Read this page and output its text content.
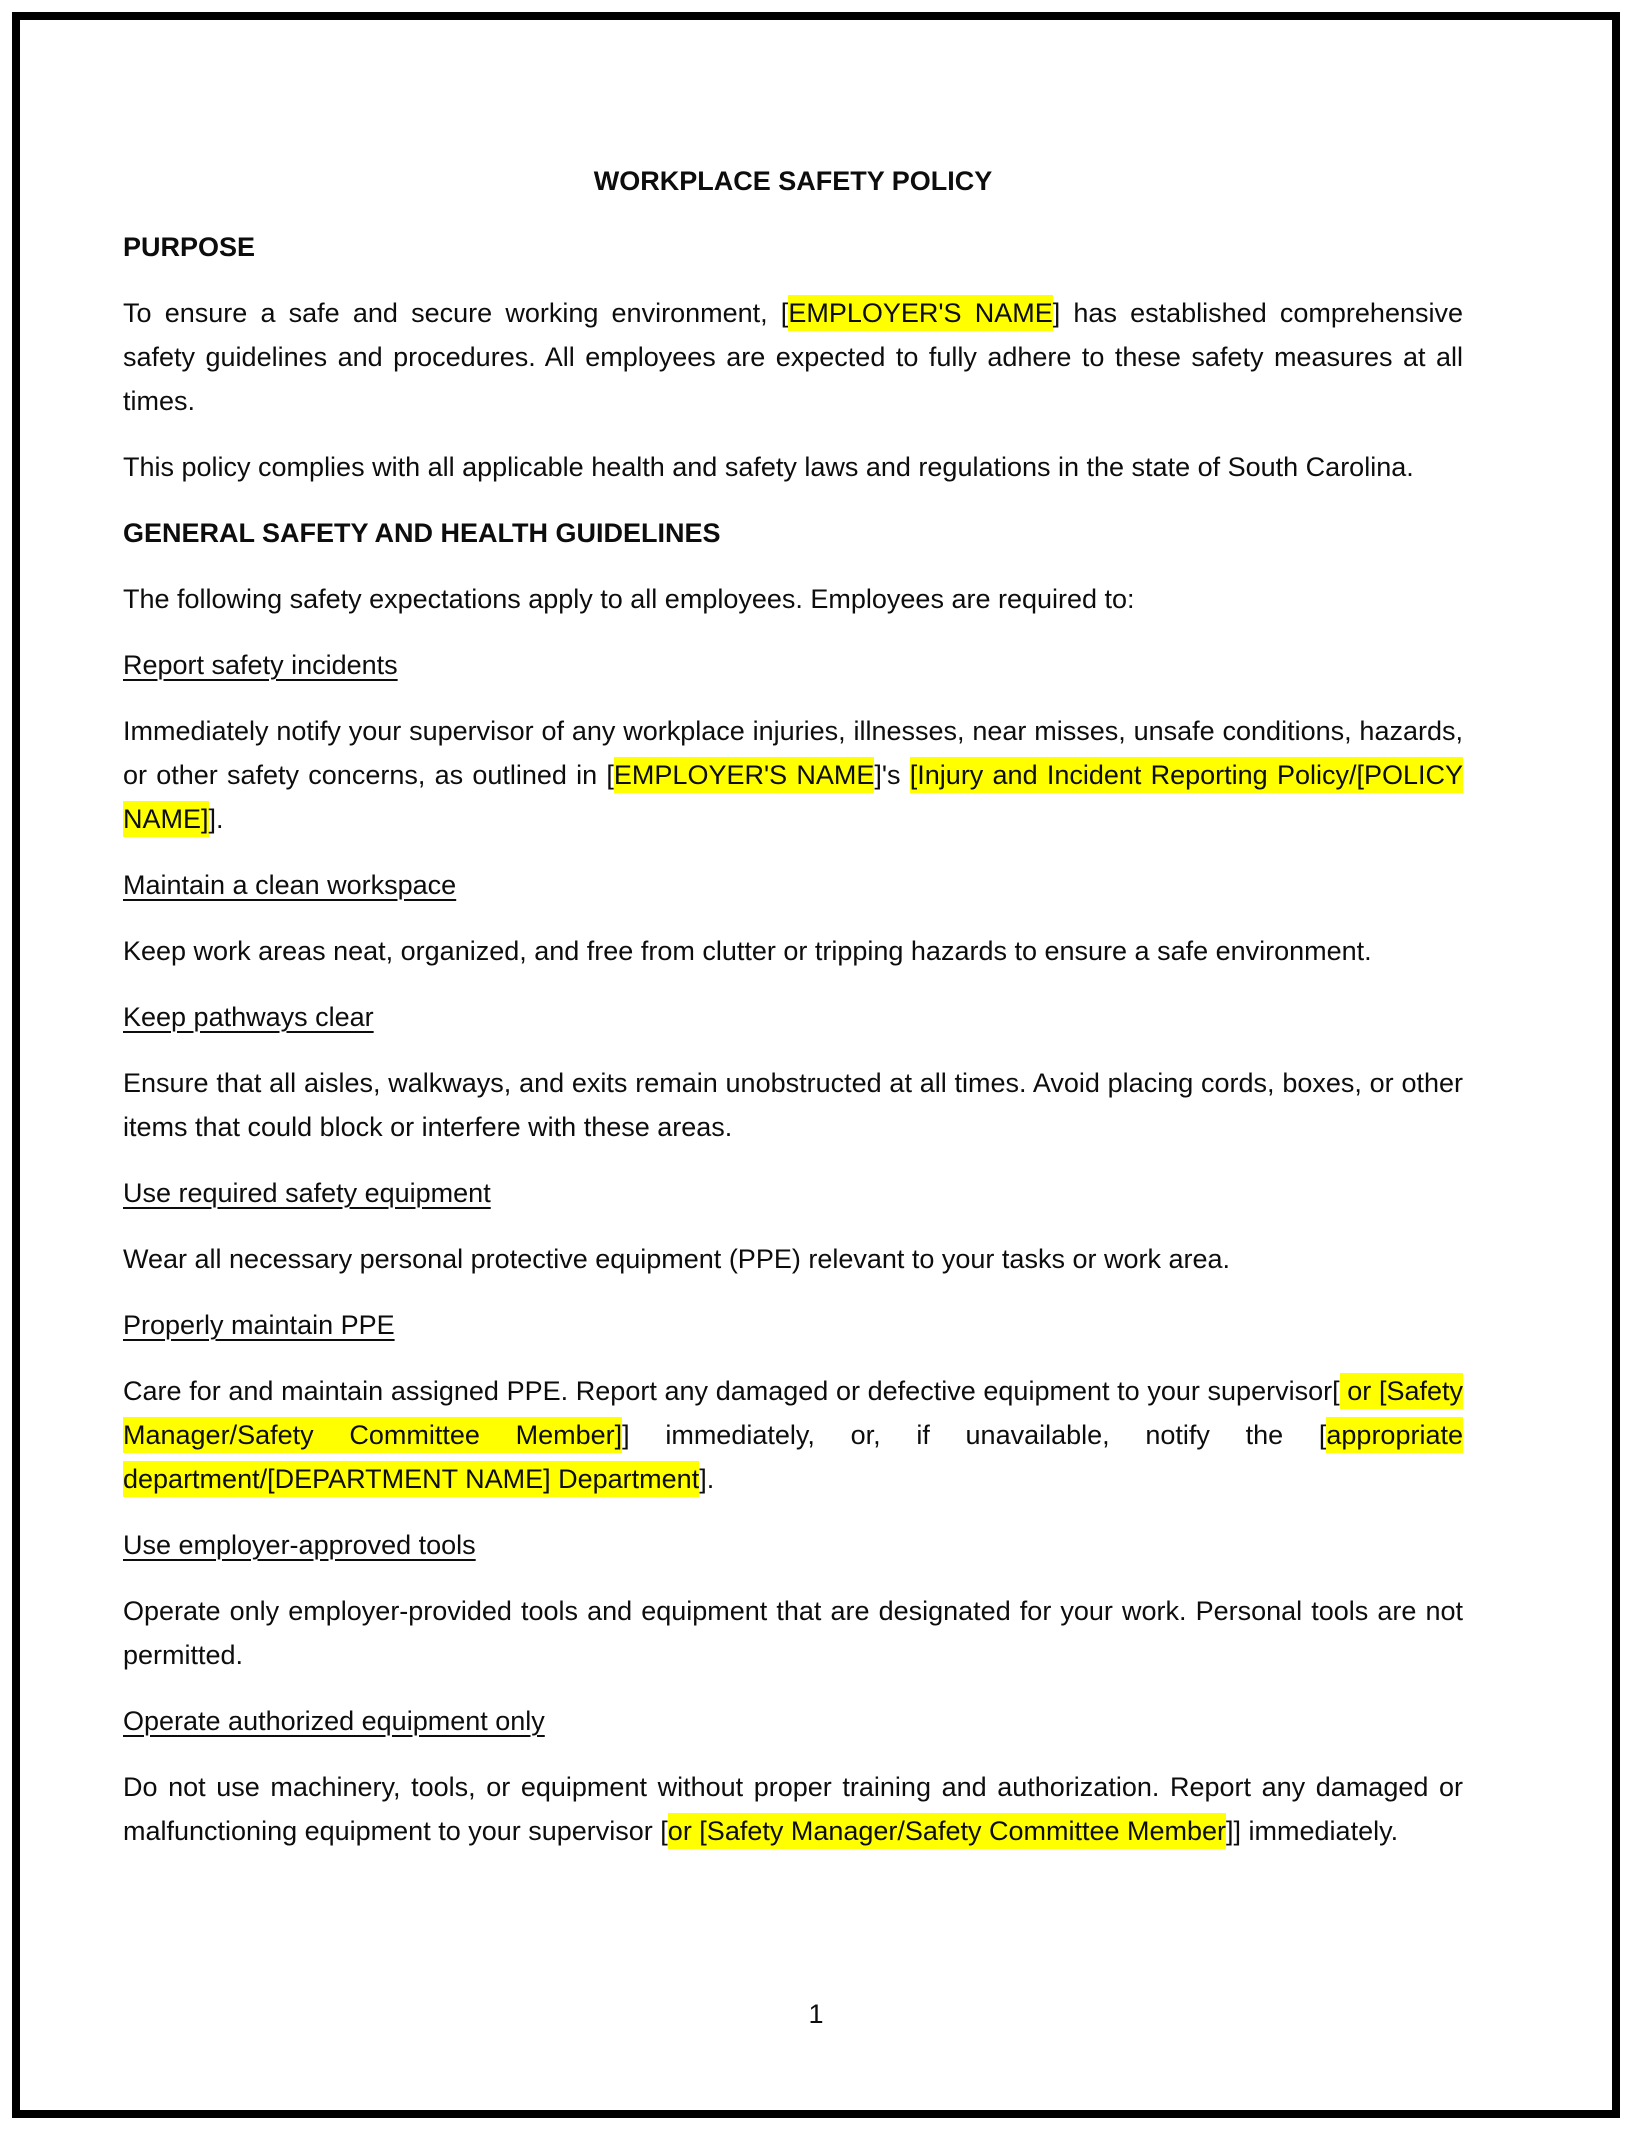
WORKPLACE SAFETY POLICY

PURPOSE

To ensure a safe and secure working environment, [EMPLOYER'S NAME] has established comprehensive safety guidelines and procedures. All employees are expected to fully adhere to these safety measures at all times.

This policy complies with all applicable health and safety laws and regulations in the state of South Carolina.

GENERAL SAFETY AND HEALTH GUIDELINES

The following safety expectations apply to all employees. Employees are required to:

Report safety incidents

Immediately notify your supervisor of any workplace injuries, illnesses, near misses, unsafe conditions, hazards, or other safety concerns, as outlined in [EMPLOYER'S NAME]'s [Injury and Incident Reporting Policy/[POLICY NAME]].

Maintain a clean workspace

Keep work areas neat, organized, and free from clutter or tripping hazards to ensure a safe environment.

Keep pathways clear

Ensure that all aisles, walkways, and exits remain unobstructed at all times. Avoid placing cords, boxes, or other items that could block or interfere with these areas.

Use required safety equipment

Wear all necessary personal protective equipment (PPE) relevant to your tasks or work area.

Properly maintain PPE

Care for and maintain assigned PPE. Report any damaged or defective equipment to your supervisor[ or [Safety Manager/Safety Committee Member]] immediately, or, if unavailable, notify the [appropriate department/[DEPARTMENT NAME] Department].

Use employer-approved tools

Operate only employer-provided tools and equipment that are designated for your work. Personal tools are not permitted.

Operate authorized equipment only

Do not use machinery, tools, or equipment without proper training and authorization. Report any damaged or malfunctioning equipment to your supervisor [or [Safety Manager/Safety Committee Member]] immediately.

1
